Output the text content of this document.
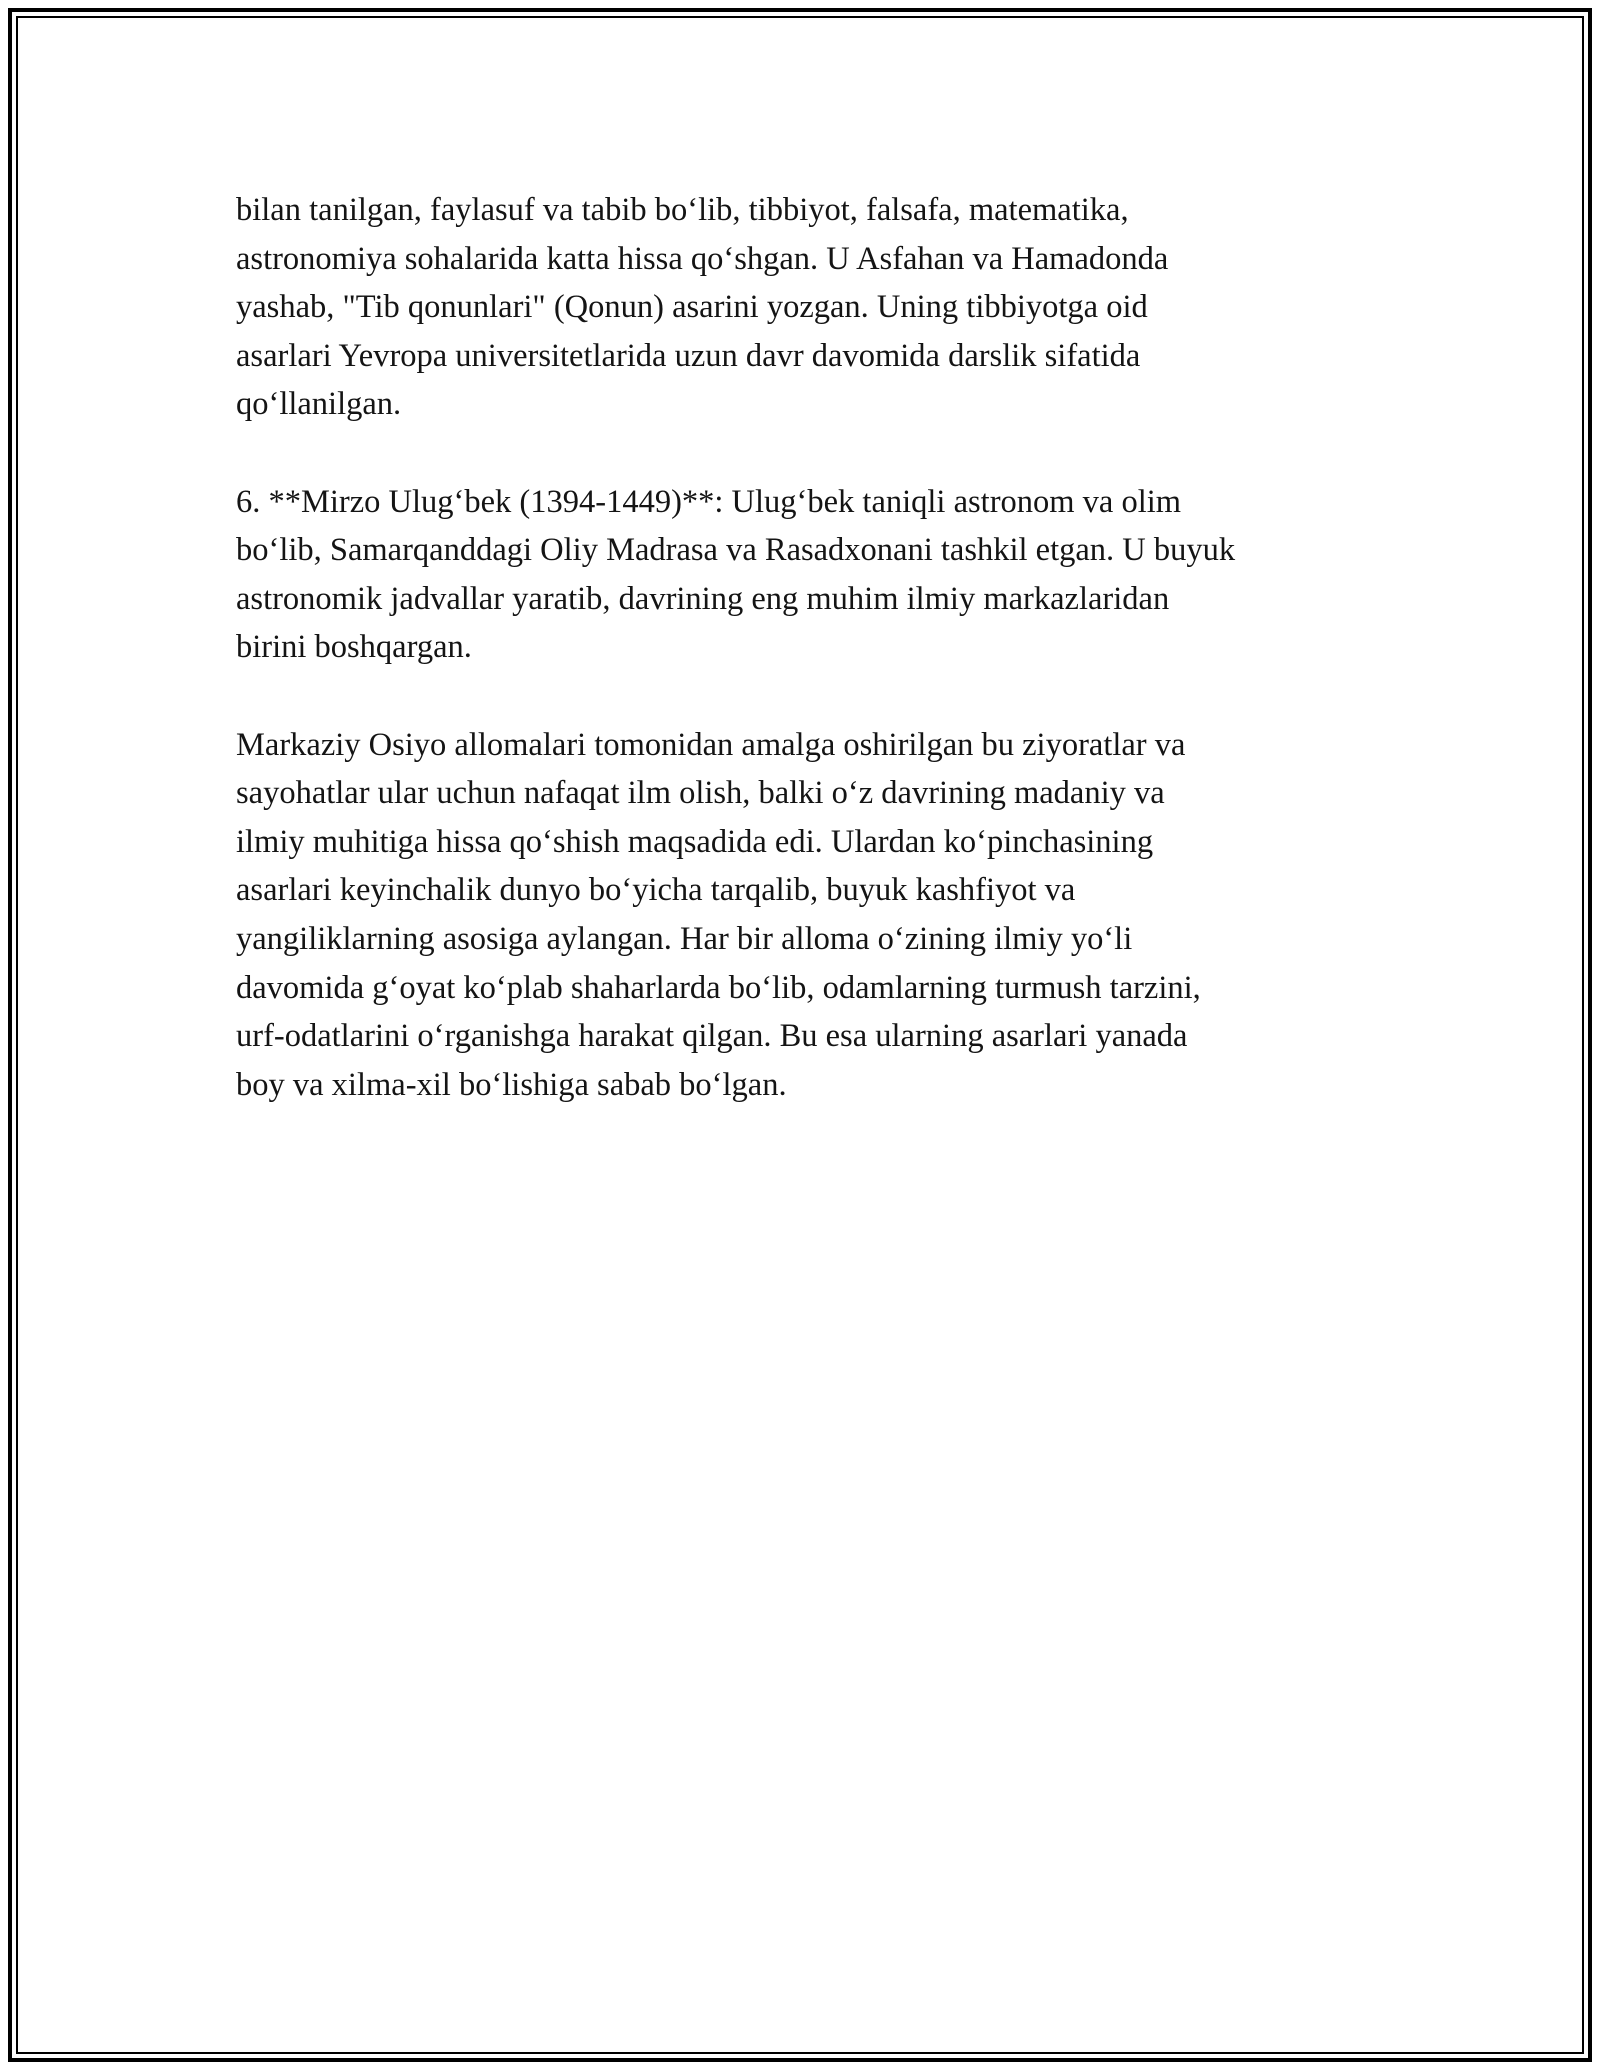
bilan tanilgan, faylasuf va tabib bo‘lib, tibbiyot, falsafa, matematika,
astronomiya sohalarida katta hissa qo‘shgan. U Asfahan va Hamadonda
yashab, "Tib qonunlari" (Qonun) asarini yozgan. Uning tibbiyotga oid
asarlari Yevropa universitetlarida uzun davr davomida darslik sifatida
qo‘llanilgan.

6. **Mirzo Ulug‘bek (1394-1449)**: Ulug‘bek taniqli astronom va olim
bo‘lib, Samarqanddagi Oliy Madrasa va Rasadxonani tashkil etgan. U buyuk
astronomik jadvallar yaratib, davrining eng muhim ilmiy markazlaridan
birini boshqargan.

Markaziy Osiyo allomalari tomonidan amalga oshirilgan bu ziyoratlar va
sayohatlar ular uchun nafaqat ilm olish, balki o‘z davrining madaniy va
ilmiy muhitiga hissa qo‘shish maqsadida edi. Ulardan ko‘pinchasining
asarlari keyinchalik dunyo bo‘yicha tarqalib, buyuk kashfiyot va
yangiliklarning asosiga aylangan. Har bir alloma o‘zining ilmiy yo‘li
davomida g‘oyat ko‘plab shaharlarda bo‘lib, odamlarning turmush tarzini,
urf-odatlarini o‘rganishga harakat qilgan. Bu esa ularning asarlari yanada
boy va xilma-xil bo‘lishiga sabab bo‘lgan.
